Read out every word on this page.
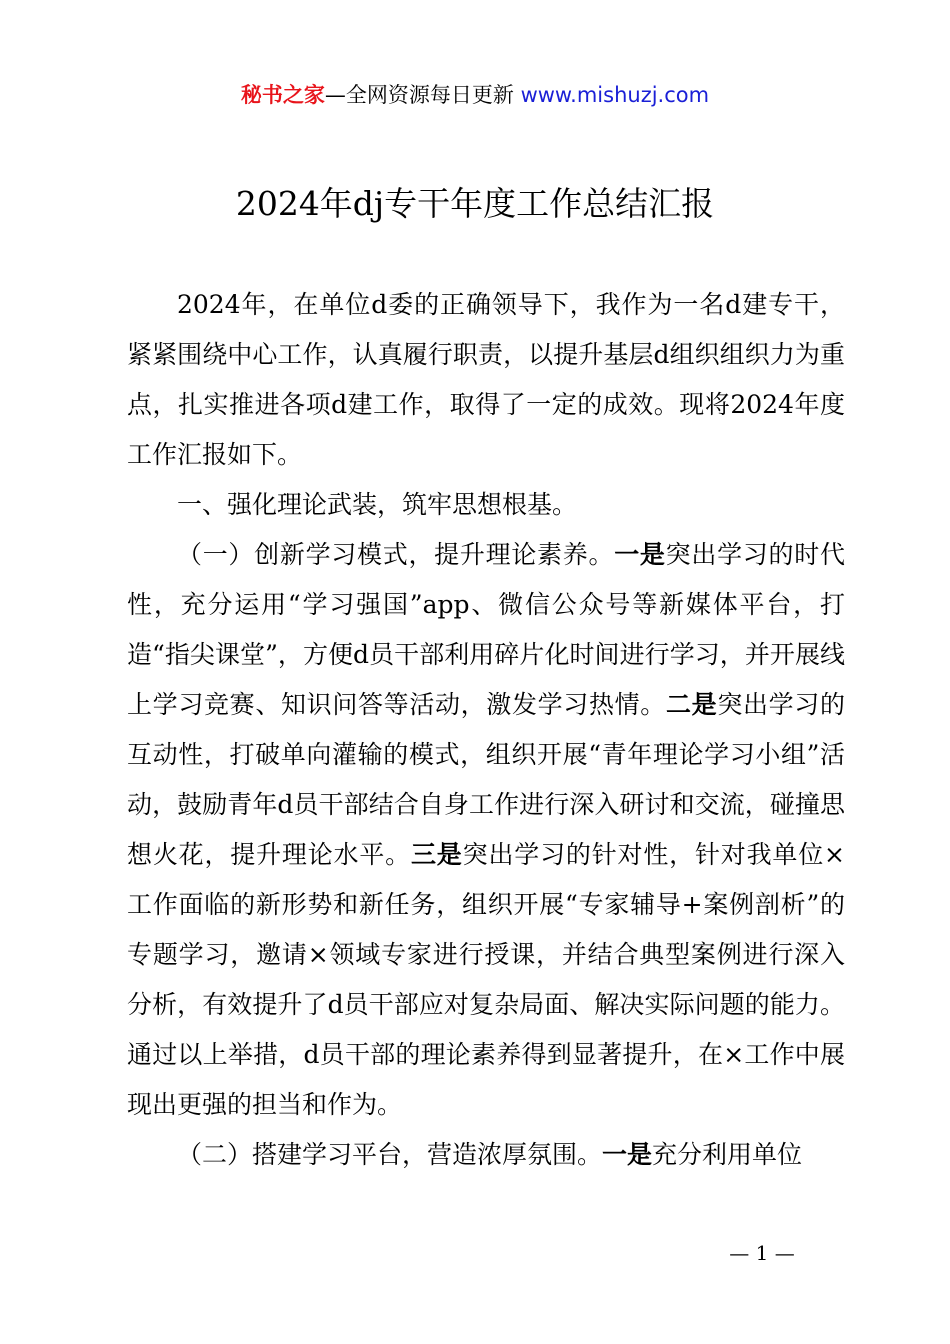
秘书之家—全网资源每日更新 www.mishuzj.com
2024年dj专干年度工作总结汇报

2024年，在单位d委的正确领导下，我作为一名d建专干，紧紧围绕中心工作，认真履行职责，以提升基层d组织组织力为重点，扎实推进各项d建工作，取得了一定的成效。现将2024年度工作汇报如下。

一、强化理论武装，筑牢思想根基。

（一）创新学习模式，提升理论素养。一是突出学习的时代性，充分运用“学习强国”app、微信公众号等新媒体平台，打造“指尖课堂”，方便d员干部利用碎片化时间进行学习，并开展线上学习竞赛、知识问答等活动，激发学习热情。二是突出学习的互动性，打破单向灌输的模式，组织开展“青年理论学习小组”活动，鼓励青年d员干部结合自身工作进行深入研讨和交流，碰撞思想火花，提升理论水平。三是突出学习的针对性，针对我单位×工作面临的新形势和新任务，组织开展“专家辅导+案例剖析”的专题学习，邀请×领域专家进行授课，并结合典型案例进行深入分析，有效提升了d员干部应对复杂局面、解决实际问题的能力。通过以上举措，d员干部的理论素养得到显著提升，在×工作中展现出更强的担当和作为。

（二）搭建学习平台，营造浓厚氛围。一是充分利用单位

— 1 —
